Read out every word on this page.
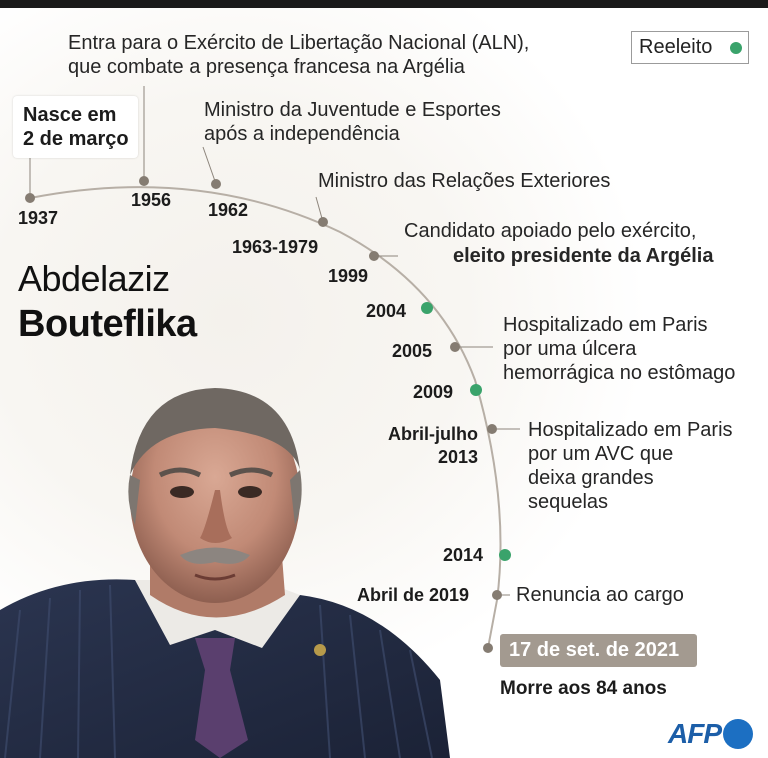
Nasce em
2 de março
Reeleito
Entra para o Exército de Libertação Nacional (ALN),
que combate a presença francesa na Argélia
Ministro da Juventude e Esportes
após a independência
Ministro das Relações Exteriores
Candidato apoiado pelo exército,
eleito presidente da Argélia
Hospitalizado em Paris
por uma úlcera
hemorrágica no estômago
Hospitalizado em Paris
por um AVC que
deixa grandes
sequelas
Renuncia ao cargo
1937
1956 1962
1963-1979
1999
2004
2005
2009
Abril-julho
2013
2014
Abril de 2019
Abdelaziz
Bouteflika
17 de set. de 2021
Morre aos 84 anos
AFP
